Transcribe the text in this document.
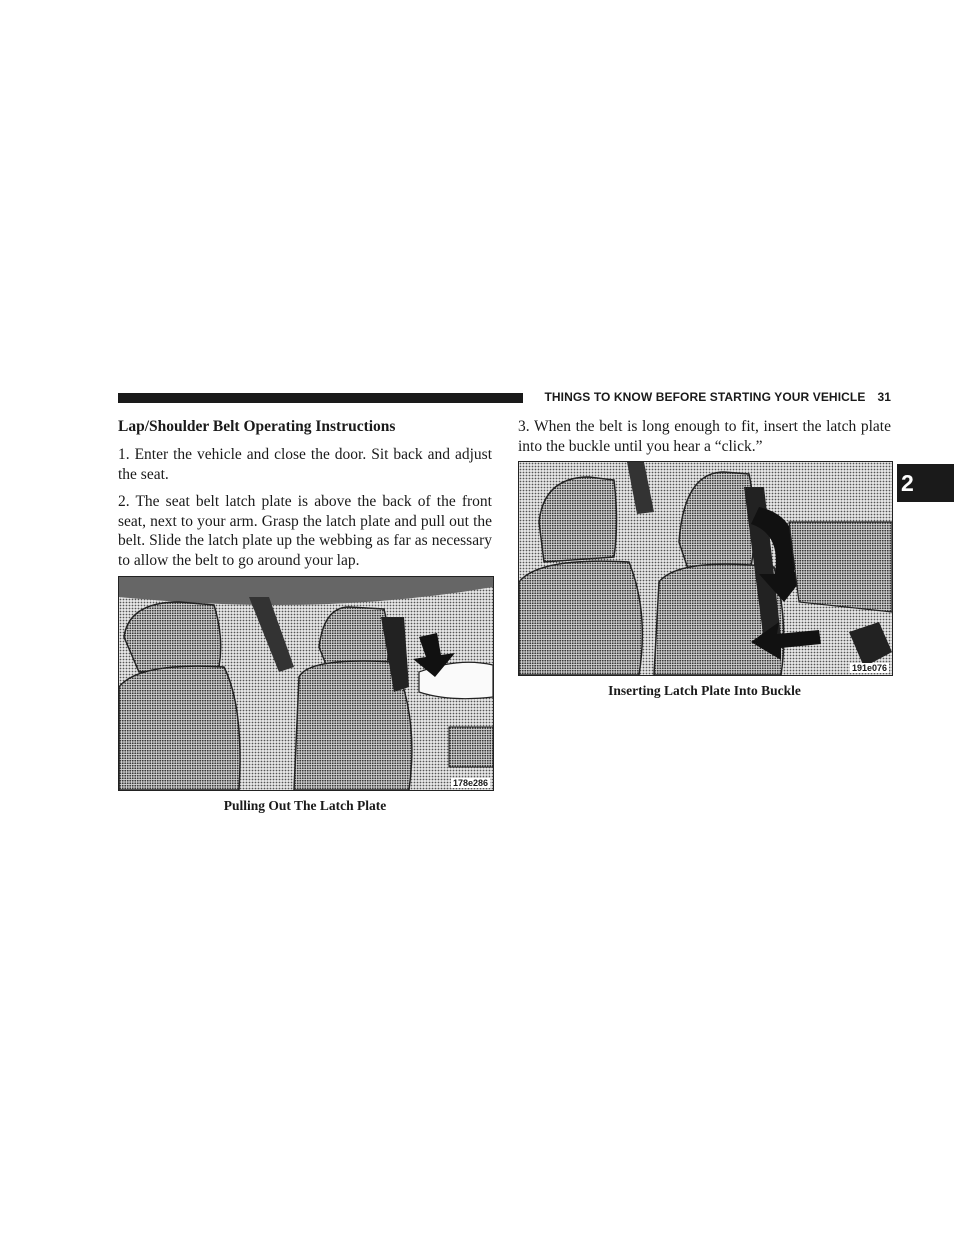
THINGS TO KNOW BEFORE STARTING YOUR VEHICLE 31
2
Lap/Shoulder Belt Operating Instructions

1. Enter the vehicle and close the door. Sit back and adjust the seat.

2. The seat belt latch plate is above the back of the front seat, next to your arm. Grasp the latch plate and pull out the belt. Slide the latch plate up the webbing as far as necessary to allow the belt to go around your lap.

178e286
Pulling Out The Latch Plate

3. When the belt is long enough to fit, insert the latch plate into the buckle until you hear a “click.”

191e076
Inserting Latch Plate Into Buckle
